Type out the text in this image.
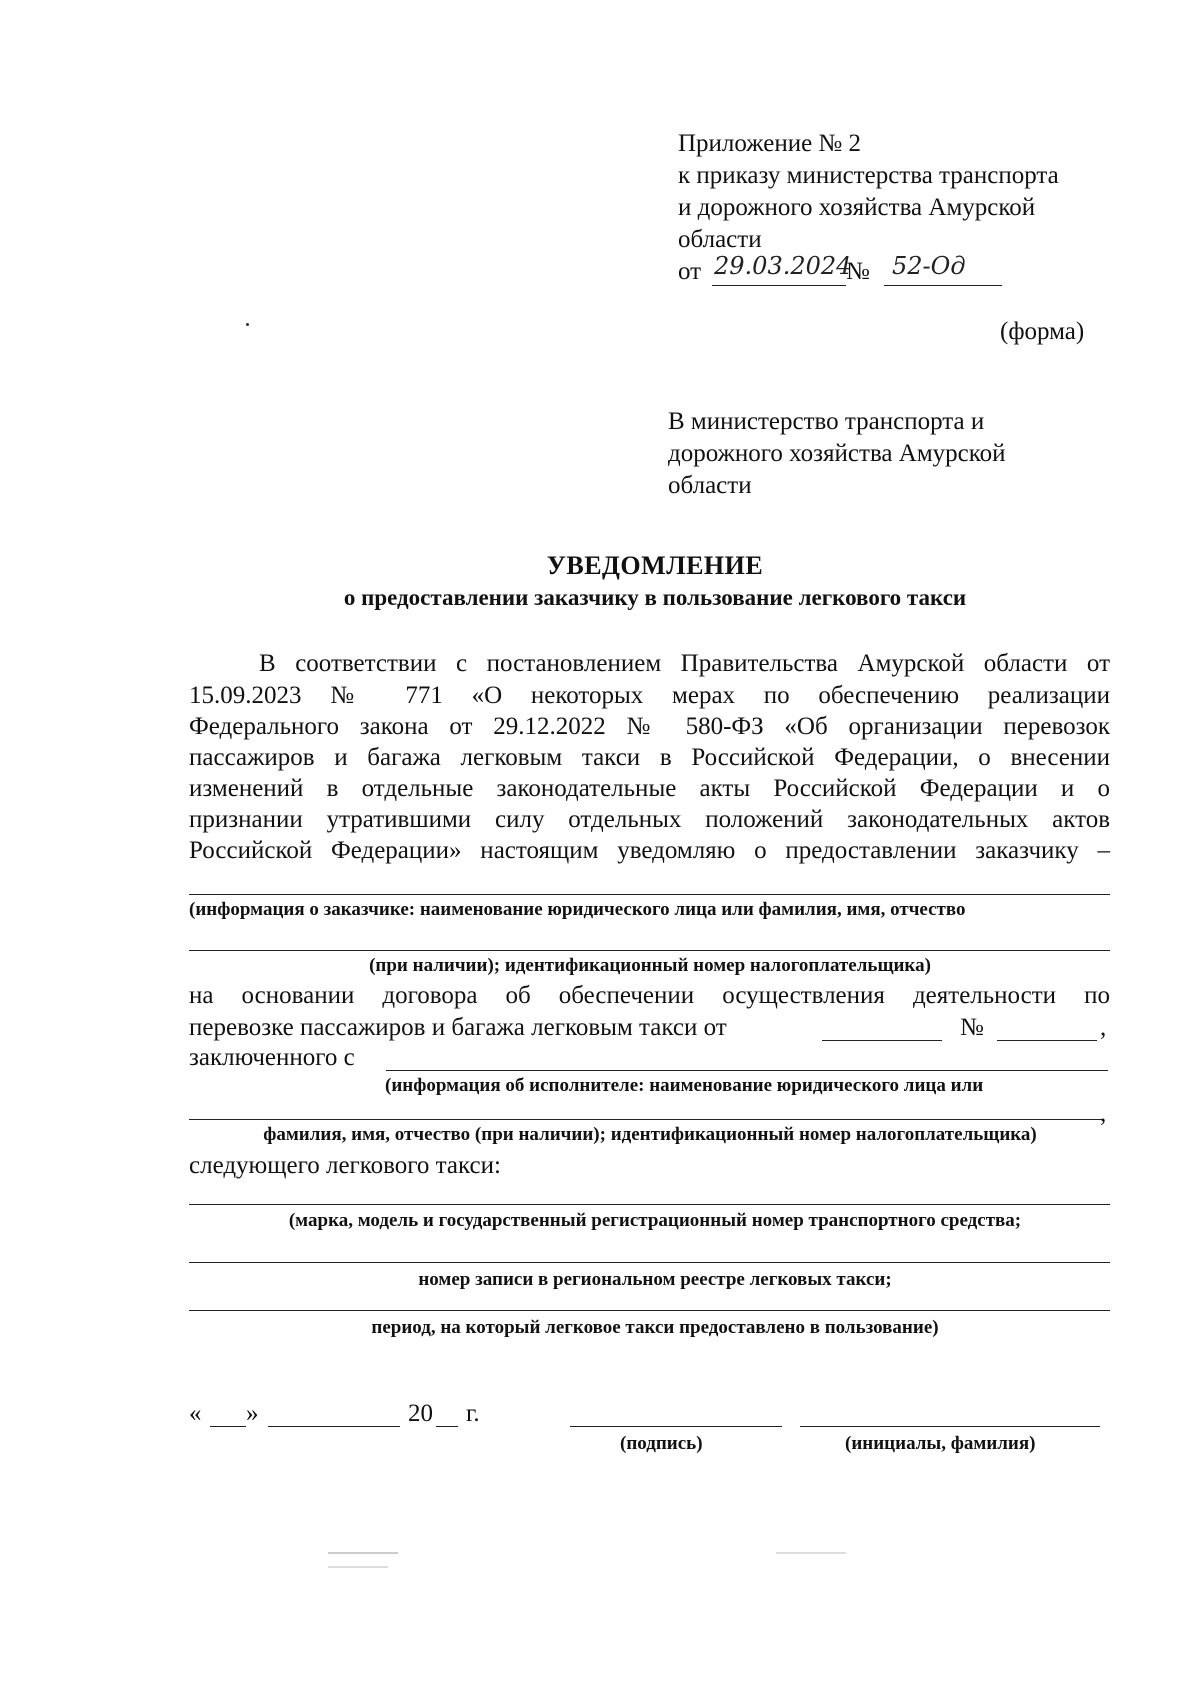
Приложение № 2
к приказу министерства транспорта
и дорожного хозяйства Амурской
области
от 29.03.2024
№ 52-Од
(форма)
В министерство транспорта и
дорожного хозяйства Амурской
области
УВЕДОМЛЕНИЕ
о предоставлении заказчику в пользование легкового такси
В соответствии с постановлением Правительства Амурской области от
15.09.2023 № 771 «О некоторых мерах по обеспечению реализации
Федерального закона от 29.12.2022 № 580-ФЗ «Об организации перевозок
пассажиров и багажа легковым такси в Российской Федерации, о внесении
изменений в отдельные законодательные акты Российской Федерации и о
признании утратившими силу отдельных положений законодательных актов
Российской Федерации» настоящим уведомляю о предоставлении заказчику –
(информация о заказчике: наименование юридического лица или фамилия, имя, отчество
(при наличии); идентификационный номер налогоплательщика)
на основании договора об обеспечении осуществления деятельности по
перевозке пассажиров и багажа легковым такси от	№	,
заключенного с
(информация об исполнителе: наименование юридического лица или
,
фамилия, имя, отчество (при наличии); идентификационный номер налогоплательщика)
следующего легкового такси:
(марка, модель и государственный регистрационный номер транспортного средства;
номер записи в региональном реестре легковых такси;
период, на который легковое такси предоставлено в пользование)
« »	20 г.
(подпись)	(инициалы, фамилия)
